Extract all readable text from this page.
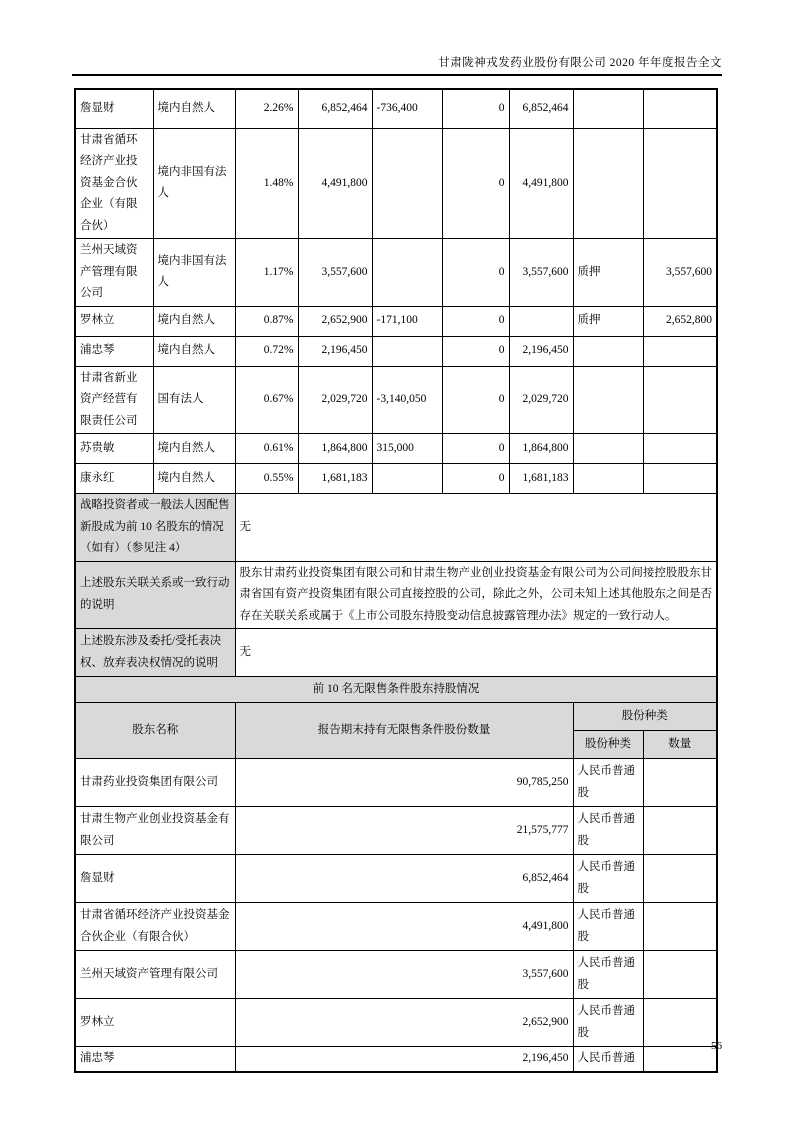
甘肃陇神戎发药业股份有限公司 2020 年年度报告全文
詹显财	境内自然人	2.26%	6,852,464	-736,400	0	6,852,464		
甘肃省循环经济产业投资基金合伙企业（有限合伙）	境内非国有法人	1.48%	4,491,800		0	4,491,800		
兰州天域资产管理有限公司	境内非国有法人	1.17%	3,557,600		0	3,557,600	质押	3,557,600
罗林立	境内自然人	0.87%	2,652,900	-171,100	0		质押	2,652,800
浦忠琴	境内自然人	0.72%	2,196,450		0	2,196,450		
甘肃省新业资产经营有限责任公司	国有法人	0.67%	2,029,720	-3,140,050	0	2,029,720		
苏贵敏	境内自然人	0.61%	1,864,800	315,000	0	1,864,800		
康永红	境内自然人	0.55%	1,681,183		0	1,681,183		
战略投资者或一般法人因配售新股成为前 10 名股东的情况（如有）（参见注 4）		无						
上述股东关联关系或一致行动的说明		股东甘肃药业投资集团有限公司和甘肃生物产业创业投资基金有限公司为公司间接控股股东甘肃省国有资产投资集团有限公司直接控股的公司，除此之外，公司未知上述其他股东之间是否存在关联关系或属于《上市公司股东持股变动信息披露管理办法》规定的一致行动人。						
上述股东涉及委托/受托表决权、放弃表决权情况的说明		无						
前 10 名无限售条件股东持股情况								
股东名称		报告期末持有无限售条件股份数量					股份种类	
							股份种类	数量
甘肃药业投资集团有限公司		90,785,250					人民币普通股	
甘肃生物产业创业投资基金有限公司		21,575,777					人民币普通股	
詹显财		6,852,464					人民币普通股	
甘肃省循环经济产业投资基金合伙企业（有限合伙）		4,491,800					人民币普通股	
兰州天域资产管理有限公司		3,557,600					人民币普通股	
罗林立		2,652,900					人民币普通股	
浦忠琴		2,196,450					人民币普通	
56
